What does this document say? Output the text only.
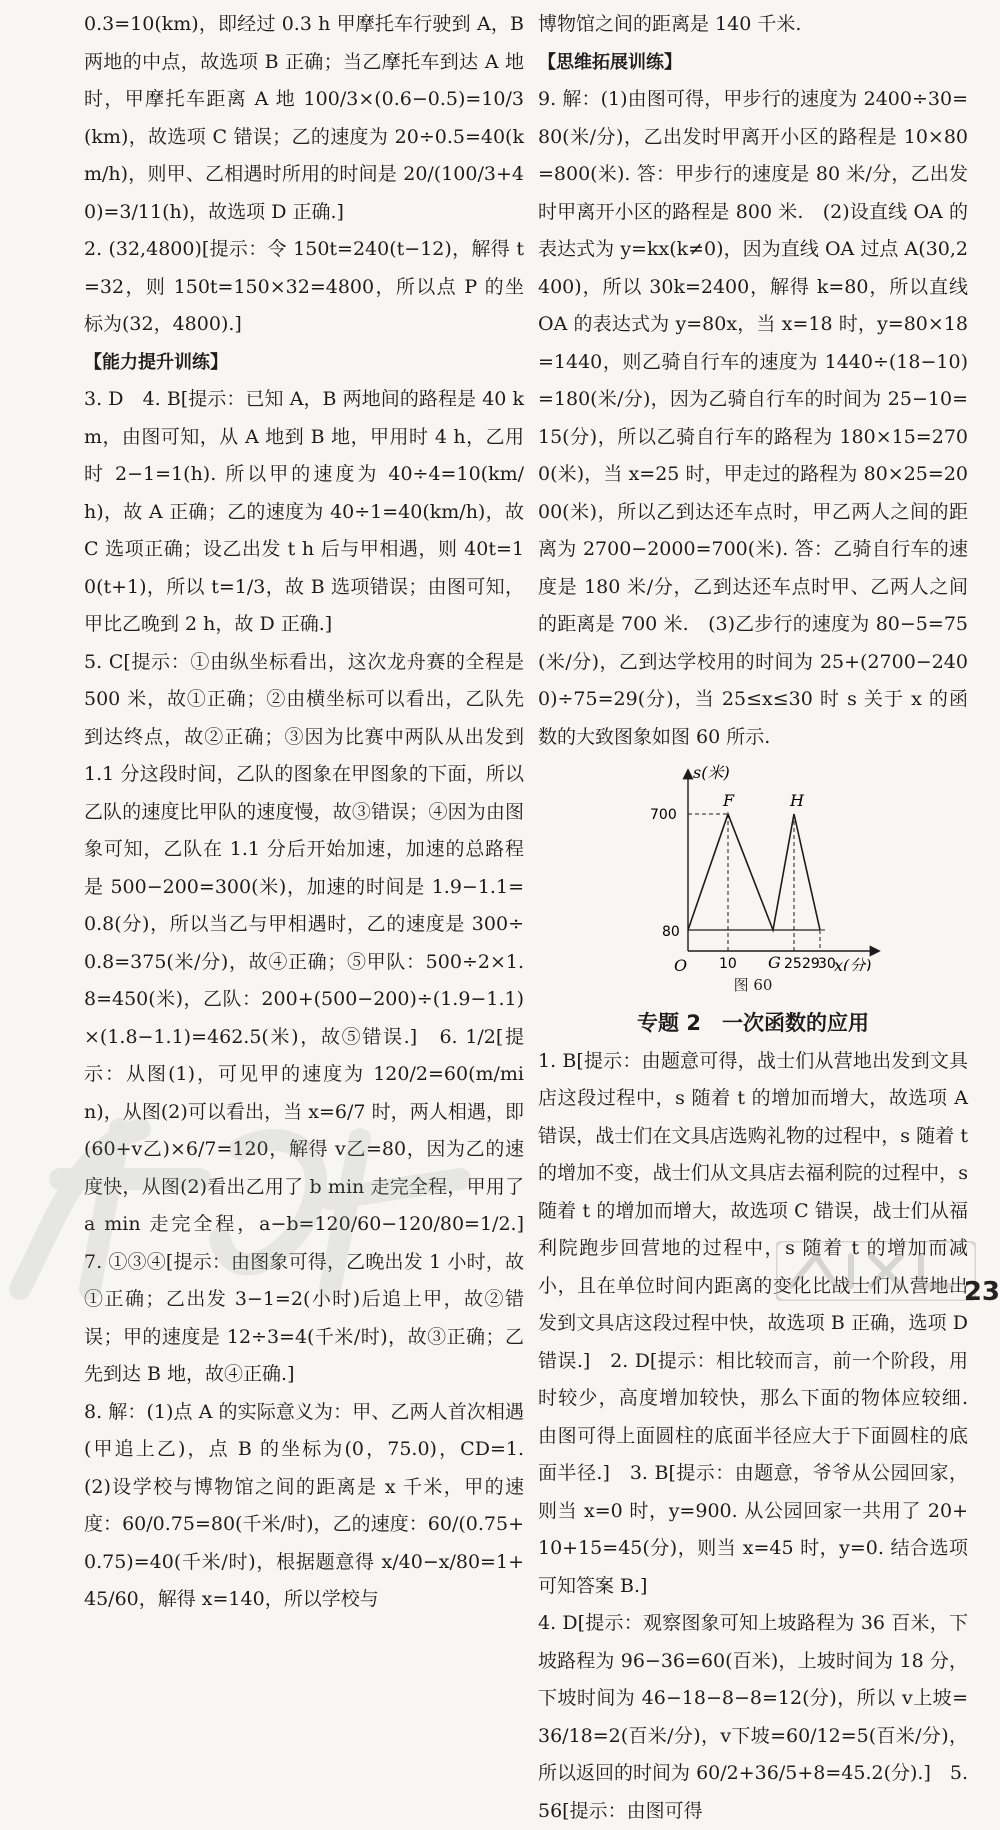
0.3=10(km)，即经过 0.3 h 甲摩托车行驶到 A，B 两地的中点，故选项 B 正确；当乙摩托车到达 A 地时，甲摩托车距离 A 地 100/3×(0.6−0.5)=10/3(km)，故选项 C 错误；乙的速度为 20÷0.5=40(km/h)，则甲、乙相遇时所用的时间是 20/(100/3+40)=3/11(h)，故选项 D 正确.]

2. (32,4800)[提示：令 150t=240(t−12)，解得 t=32，则 150t=150×32=4800，所以点 P 的坐标为(32，4800).]

【能力提升训练】

3. D　4. B[提示：已知 A，B 两地间的路程是 40 km，由图可知，从 A 地到 B 地，甲用时 4 h，乙用时 2−1=1(h). 所以甲的速度为 40÷4=10(km/h)，故 A 正确；乙的速度为 40÷1=40(km/h)，故 C 选项正确；设乙出发 t h 后与甲相遇，则 40t=10(t+1)，所以 t=1/3，故 B 选项错误；由图可知，甲比乙晚到 2 h，故 D 正确.]

5. C[提示：①由纵坐标看出，这次龙舟赛的全程是 500 米，故①正确；②由横坐标可以看出，乙队先到达终点，故②正确；③因为比赛中两队从出发到 1.1 分这段时间，乙队的图象在甲图象的下面，所以乙队的速度比甲队的速度慢，故③错误；④因为由图象可知，乙队在 1.1 分后开始加速，加速的总路程是 500−200=300(米)，加速的时间是 1.9−1.1=0.8(分)，所以当乙与甲相遇时，乙的速度是 300÷0.8=375(米/分)，故④正确；⑤甲队：500÷2×1.8=450(米)，乙队：200+(500−200)÷(1.9−1.1)×(1.8−1.1)=462.5(米)，故⑤错误.]　6. 1/2[提示：从图(1)，可见甲的速度为 120/2=60(m/min)，从图(2)可以看出，当 x=6/7 时，两人相遇，即(60+v乙)×6/7=120，解得 v乙=80，因为乙的速度快，从图(2)看出乙用了 b min 走完全程，甲用了 a min 走完全程，a−b=120/60−120/80=1/2.]　7. ①③④[提示：由图象可得，乙晚出发 1 小时，故①正确；乙出发 3−1=2(小时)后追上甲，故②错误；甲的速度是 12÷3=4(千米/时)，故③正确；乙先到达 B 地，故④正确.]

8. 解：(1)点 A 的实际意义为：甲、乙两人首次相遇(甲追上乙)，点 B 的坐标为(0，75.0)，CD=1.　(2)设学校与博物馆之间的距离是 x 千米，甲的速度：60/0.75=80(千米/时)，乙的速度：60/(0.75+0.75)=40(千米/时)，根据题意得 x/40−x/80=1+45/60，解得 x=140，所以学校与

博物馆之间的距离是 140 千米.

【思维拓展训练】

9. 解：(1)由图可得，甲步行的速度为 2400÷30=80(米/分)，乙出发时甲离开小区的路程是 10×80=800(米). 答：甲步行的速度是 80 米/分，乙出发时甲离开小区的路程是 800 米.　(2)设直线 OA 的表达式为 y=kx(k≠0)，因为直线 OA 过点 A(30,2400)，所以 30k=2400，解得 k=80，所以直线 OA 的表达式为 y=80x，当 x=18 时，y=80×18=1440，则乙骑自行车的速度为 1440÷(18−10)=180(米/分)，因为乙骑自行车的时间为 25−10=15(分)，所以乙骑自行车的路程为 180×15=2700(米)，当 x=25 时，甲走过的路程为 80×25=2000(米)，所以乙到达还车点时，甲乙两人之间的距离为 2700−2000=700(米). 答：乙骑自行车的速度是 180 米/分，乙到达还车点时甲、乙两人之间的距离是 700 米.　(3)乙步行的速度为 80−5=75(米/分)，乙到达学校用的时间为 25+(2700−2400)÷75=29(分)，当 25≤x≤30 时 s 关于 x 的函数的大致图象如图 60 所示.

s(米)
x(分)
O
700
80
10 G 25 29
30
F	H

图 60

专题 2　一次函数的应用

1. B[提示：由题意可得，战士们从营地出发到文具店这段过程中，s 随着 t 的增加而增大，故选项 A 错误，战士们在文具店选购礼物的过程中，s 随着 t 的增加不变，战士们从文具店去福利院的过程中，s 随着 t 的增加而增大，故选项 C 错误，战士们从福利院跑步回营地的过程中，s 随着 t 的增加而减小，且在单位时间内距离的变化比战士们从营地出发到文具店这段过程中快，故选项 B 正确，选项 D 错误.]　2. D[提示：相比较而言，前一个阶段，用时较少，高度增加较快，那么下面的物体应较细. 由图可得上面圆柱的底面半径应大于下面圆柱的底面半径.]　3. B[提示：由题意，爷爷从公园回家，则当 x=0 时，y=900. 从公园回家一共用了 20+10+15=45(分)，则当 x=45 时，y=0. 结合选项可知答案 B.]

4. D[提示：观察图象可知上坡路程为 36 百米，下坡路程为 96−36=60(百米)，上坡时间为 18 分，下坡时间为 46−18−8−8=12(分)，所以 v上坡=36/18=2(百米/分)，v下坡=60/12=5(百米/分)，所以返回的时间为 60/2+36/5+8=45.2(分).]　5. 56[提示：由图可得

23
